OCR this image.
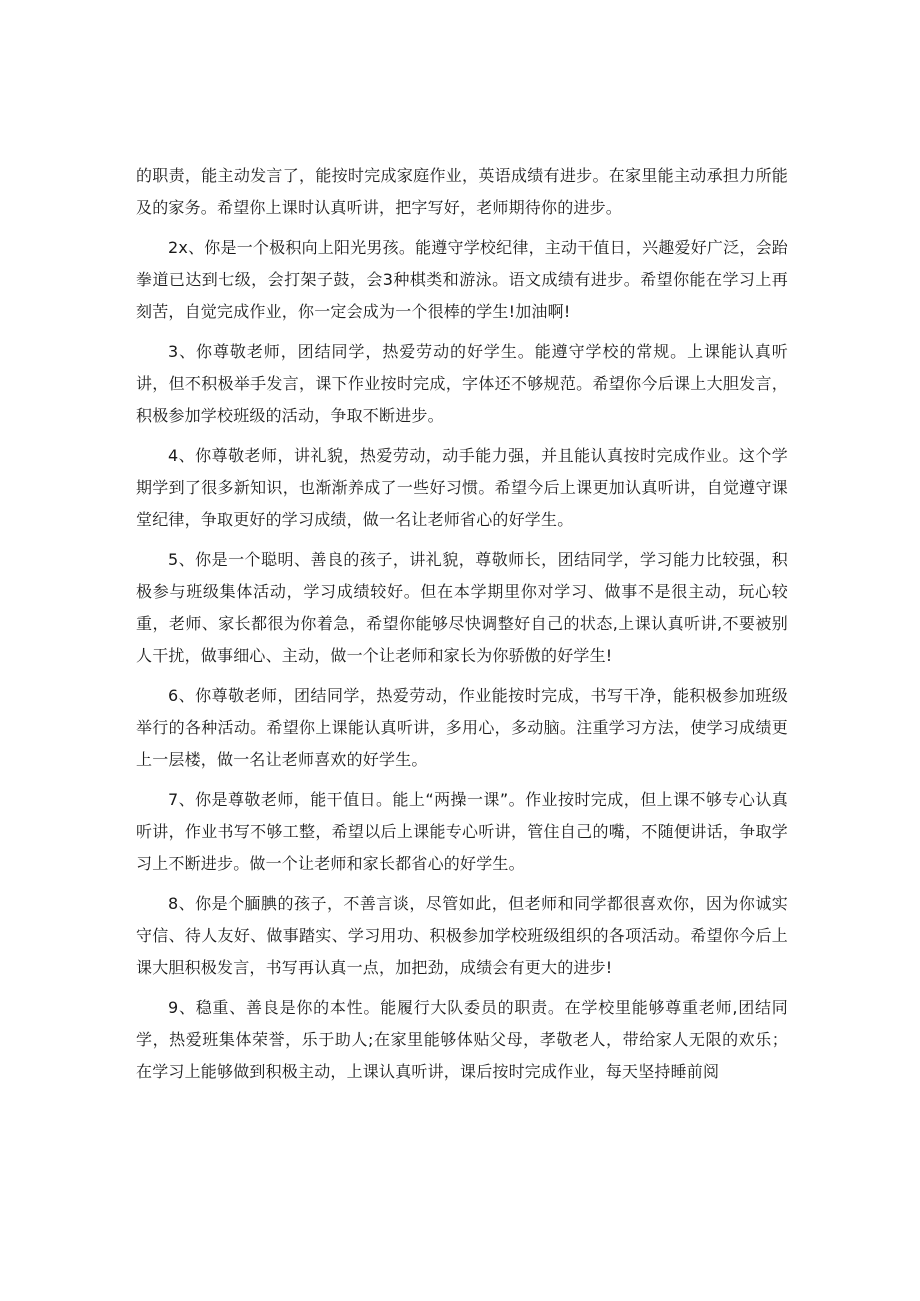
的职责，能主动发言了，能按时完成家庭作业，英语成绩有进步。在家里能主动承担力所能及的家务。希望你上课时认真听讲，把字写好，老师期待你的进步。

2x、你是一个极积向上阳光男孩。能遵守学校纪律，主动干值日，兴趣爱好广泛，会跆拳道已达到七级，会打架子鼓，会3种棋类和游泳。语文成绩有进步。希望你能在学习上再刻苦，自觉完成作业，你一定会成为一个很棒的学生!加油啊!

3、你尊敬老师，团结同学，热爱劳动的好学生。能遵守学校的常规。上课能认真听讲，但不积极举手发言，课下作业按时完成，字体还不够规范。希望你今后课上大胆发言，积极参加学校班级的活动，争取不断进步。

4、你尊敬老师，讲礼貌，热爱劳动，动手能力强，并且能认真按时完成作业。这个学期学到了很多新知识，也渐渐养成了一些好习惯。希望今后上课更加认真听讲，自觉遵守课堂纪律，争取更好的学习成绩，做一名让老师省心的好学生。

5、你是一个聪明、善良的孩子，讲礼貌，尊敬师长，团结同学，学习能力比较强，积极参与班级集体活动，学习成绩较好。但在本学期里你对学习、做事不是很主动，玩心较重，老师、家长都很为你着急，希望你能够尽快调整好自己的状态,上课认真听讲,不要被别人干扰，做事细心、主动，做一个让老师和家长为你骄傲的好学生!

6、你尊敬老师，团结同学，热爱劳动，作业能按时完成，书写干净，能积极参加班级举行的各种活动。希望你上课能认真听讲，多用心，多动脑。注重学习方法，使学习成绩更上一层楼，做一名让老师喜欢的好学生。

7、你是尊敬老师，能干值日。能上“两操一课”。作业按时完成，但上课不够专心认真听讲，作业书写不够工整，希望以后上课能专心听讲，管住自己的嘴，不随便讲话，争取学习上不断进步。做一个让老师和家长都省心的好学生。

8、你是个腼腆的孩子，不善言谈，尽管如此，但老师和同学都很喜欢你，因为你诚实守信、待人友好、做事踏实、学习用功、积极参加学校班级组织的各项活动。希望你今后上课大胆积极发言，书写再认真一点，加把劲，成绩会有更大的进步!

9、稳重、善良是你的本性。能履行大队委员的职责。在学校里能够尊重老师,团结同学，热爱班集体荣誉，乐于助人;在家里能够体贴父母，孝敬老人，带给家人无限的欢乐；在学习上能够做到积极主动，上课认真听讲，课后按时完成作业，每天坚持睡前阅
